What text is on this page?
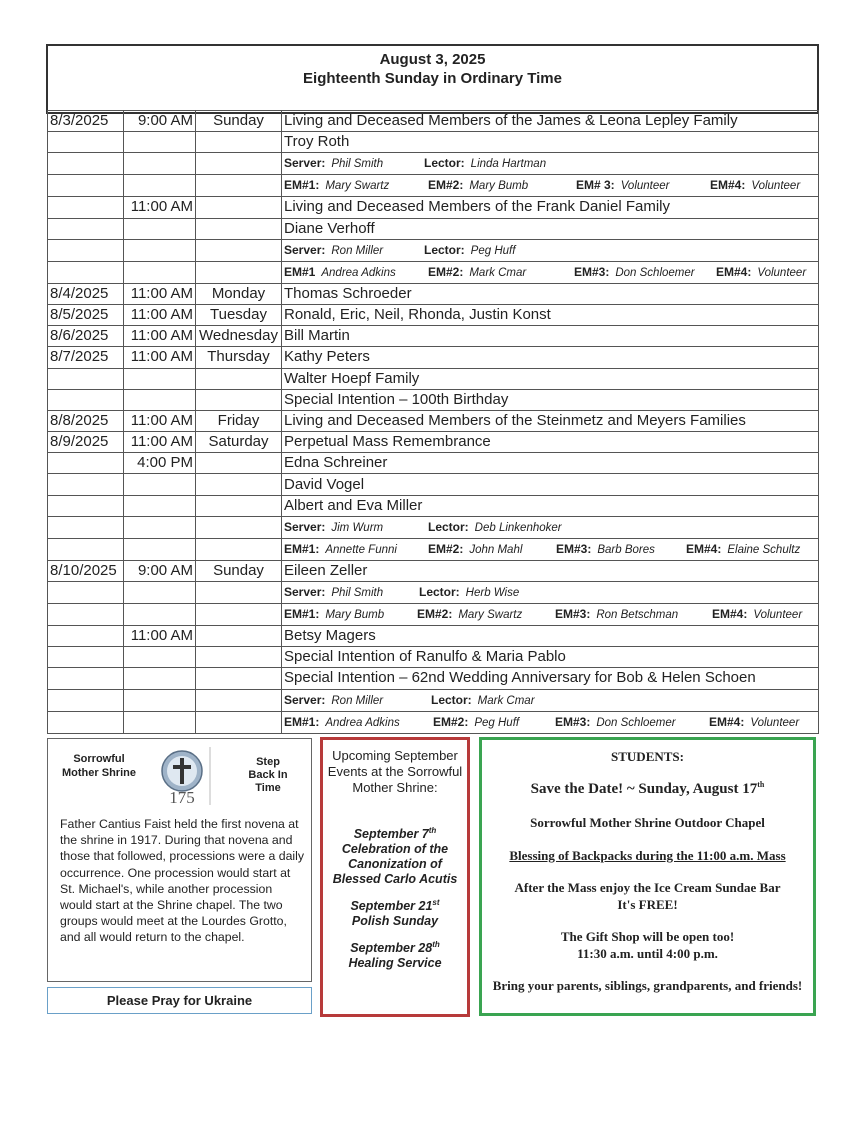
August 3, 2025
Eighteenth Sunday in Ordinary Time
8/3/2025	9:00 AM	Sunday	Living and Deceased Members of the James & Leona Lepley Family
			Troy Roth
			Server: Phil Smith Lector: Linda Hartman
			EM#1: Mary Swartz EM#2: Mary Bumb EM# 3: Volunteer EM#4: Volunteer
	11:00 AM		Living and Deceased Members of the Frank Daniel Family
			Diane Verhoff
			Server: Ron Miller Lector: Peg Huff
			EM#1 Andrea Adkins EM#2: Mark Cmar EM#3: Don Schloemer EM#4: Volunteer
8/4/2025	11:00 AM	Monday	Thomas Schroeder
8/5/2025	11:00 AM	Tuesday	Ronald, Eric, Neil, Rhonda, Justin Konst
8/6/2025	11:00 AM	Wednesday	Bill Martin
8/7/2025	11:00 AM	Thursday	Kathy Peters
			Walter Hoepf Family
			Special Intention – 100th Birthday
8/8/2025	11:00 AM	Friday	Living and Deceased Members of the Steinmetz and Meyers Families
8/9/2025	11:00 AM	Saturday	Perpetual Mass Remembrance
	4:00 PM		Edna Schreiner
			David Vogel
			Albert and Eva Miller
			Server: Jim Wurm Lector: Deb Linkenhoker
			EM#1: Annette Funni EM#2: John Mahl EM#3: Barb Bores EM#4: Elaine Schultz
8/10/2025	9:00 AM	Sunday	Eileen Zeller
			Server: Phil Smith Lector: Herb Wise
			EM#1: Mary Bumb EM#2: Mary Swartz EM#3: Ron Betschman EM#4: Volunteer
	11:00 AM		Betsy Magers
			Special Intention of Ranulfo & Maria Pablo
			Special Intention – 62nd Wedding Anniversary for Bob & Helen Schoen
			Server: Ron Miller Lector: Mark Cmar
			EM#1: Andrea Adkins EM#2: Peg Huff EM#3: Don Schloemer EM#4: Volunteer
Sorrowful Mother Shrine
175
Step Back In Time
Father Cantius Faist held the first novena at the shrine in 1917. During that novena and those that followed, processions were a daily occurrence. One procession would start at St. Michael's, while another procession would start at the Shrine chapel. The two groups would meet at the Lourdes Grotto, and all would return to the chapel.
Please Pray for Ukraine
Upcoming September Events at the Sorrowful Mother Shrine:
September 7th
Celebration of the Canonization of Blessed Carlo Acutis
September 21st
Polish Sunday
September 28th
Healing Service

STUDENTS:

Save the Date! ~ Sunday, August 17th

Sorrowful Mother Shrine Outdoor Chapel

Blessing of Backpacks during the 11:00 a.m. Mass

After the Mass enjoy the Ice Cream Sundae Bar

It's FREE!

The Gift Shop will be open too!

11:30 a.m. until 4:00 p.m.

Bring your parents, siblings, grandparents, and friends!
